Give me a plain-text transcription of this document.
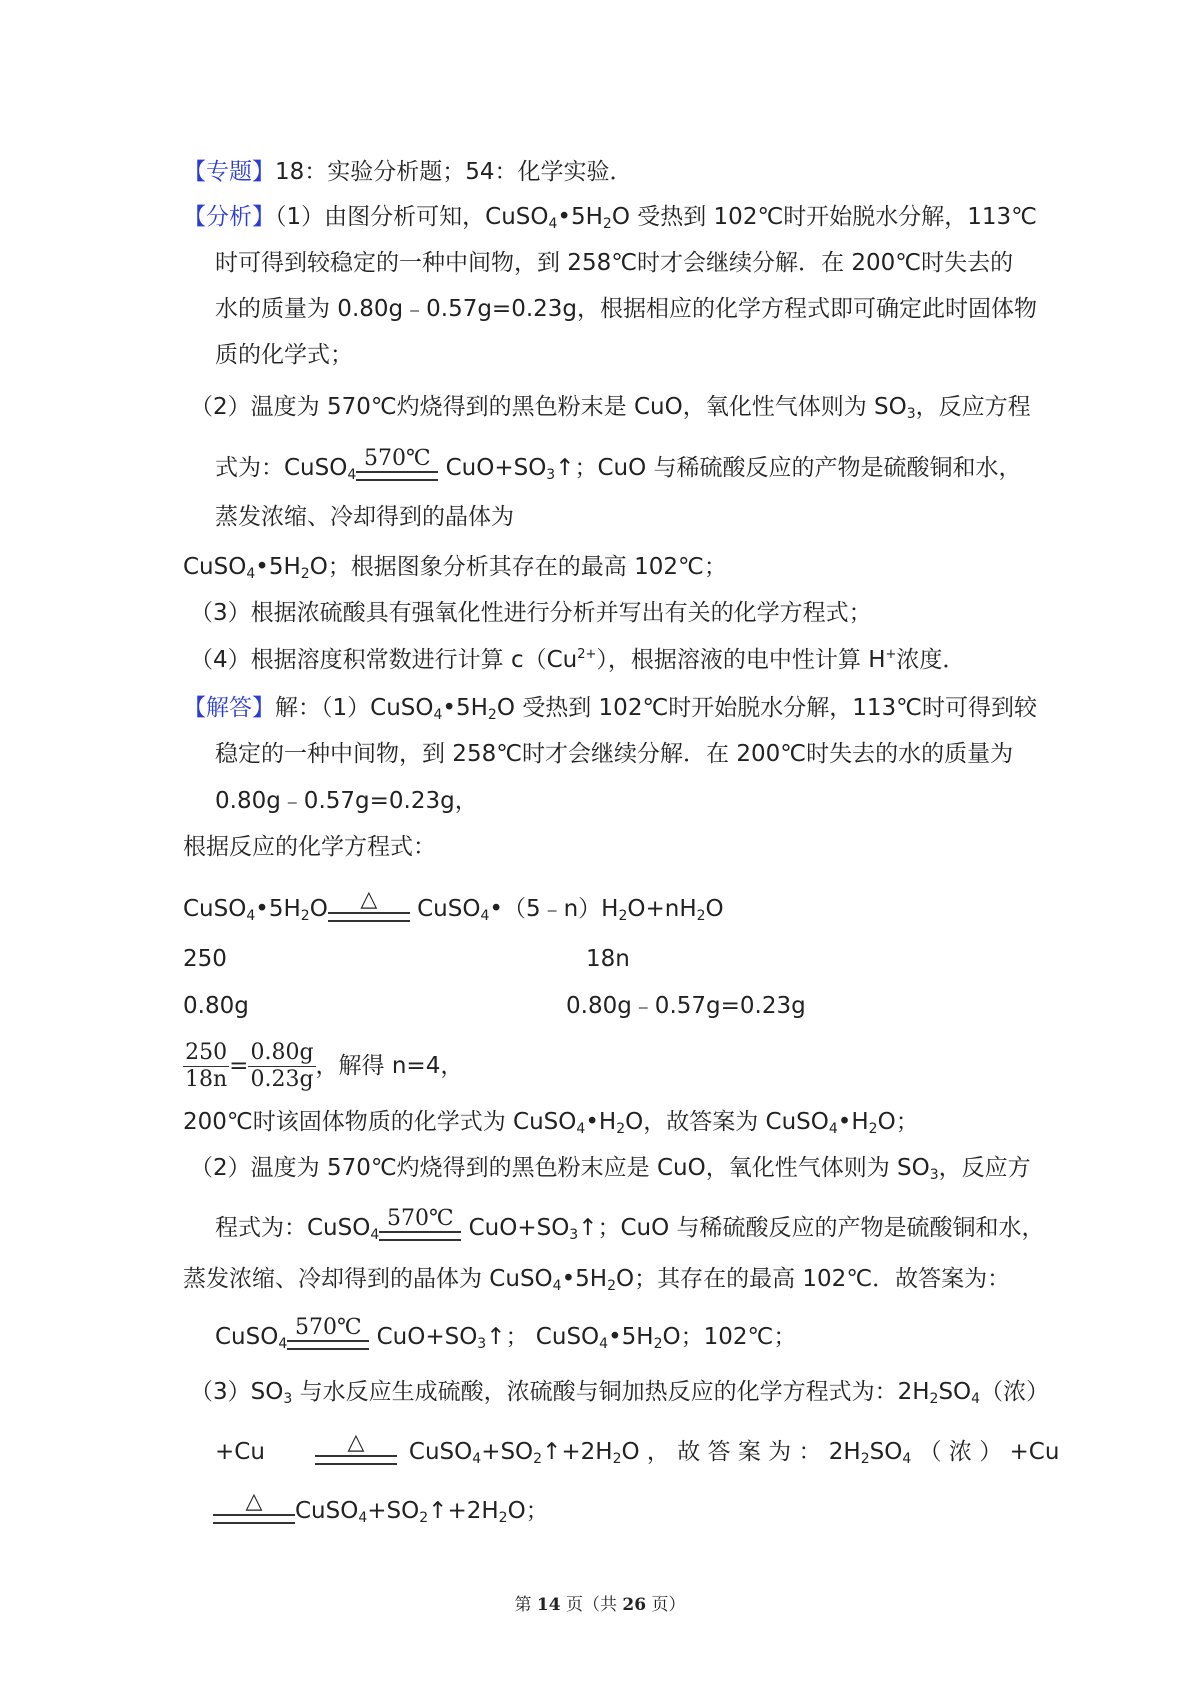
【专题】18：实验分析题；54：化学实验．
【分析】（1）由图分析可知，$CuSO_4•5H_2O$ 受热到 102℃时开始脱水分解，113℃
时可得到较稳定的一种中间物，到 258℃时才会继续分解．在 200℃时失去的
水的质量为 0.80g﹣0.57g=0.23g，根据相应的化学方程式即可确定此时固体物
质的化学式；
（2）温度为 570℃灼烧得到的黑色粉末是 CuO，氧化性气体则为 $SO_3$，反应方程
式为：CuSO$_4$
570℃ $CuO+SO_3↑$；CuO 与稀硫酸反应的产物是硫酸铜和水，
蒸发浓缩、冷却得到的晶体为
$CuSO_4•5H_2O$；根据图象分析其存在的最高 102℃；
（3）根据浓硫酸具有强氧化性进行分析并写出有关的化学方程式；
（4）根据溶度积常数进行计算 $c(Cu^{2+})$，根据溶液的电中性计算 H+浓度．
【解答】解：$(1)CuSO_4•5H_2O$ 受热到 102℃时开始脱水分解，113℃时可得到较
稳定的一种中间物，到 258℃时才会继续分解．在 200℃时失去的水的质量为
0.80g﹣0.57g=0.23g，
根据反应的化学方程式：
$CuSO_4•5H_2O$	△	$CuSO_4•(5﹣n)H_2O+nH_2O$
250	18n
0.80g	0.80g﹣0.57g=0.23g
$\frac{250}{18n} = \frac{0.80g}{0.23g}$ ，解得 n=4，
200℃时该固体物质的化学式为 $CuSO_4•H_2O$，故答案为 $CuSO_4•H_2O$；
（2）温度为 570℃灼烧得到的黑色粉末应是 CuO，氧化性气体则为 $SO_3$，反应方
程式为：CuSO$_4$
570℃ $CuO+SO_3↑$；CuO 与稀硫酸反应的产物是硫酸铜和水，
蒸发浓缩、冷却得到的晶体为 $CuSO_4•5H_2O$；其存在的最高 102℃．故答案为：
CuSO$_4$
570℃ $CuO+SO_3↑$； $CuSO_4•5H_2O$；102℃；
$(3)SO_3$ 与水反应生成硫酸，浓硫酸与铜加热反应的化学方程式为：$2H_2SO_4$（浓）
+Cu	△	$CuSO_4+SO_2↑+2H_2O$ ， 故 答 案 为 ： $2H_2SO_4$ （ 浓 ） +Cu
△	$CuSO_4+SO_2↑+2H_2O$；
第 14 页（共 26 页）
